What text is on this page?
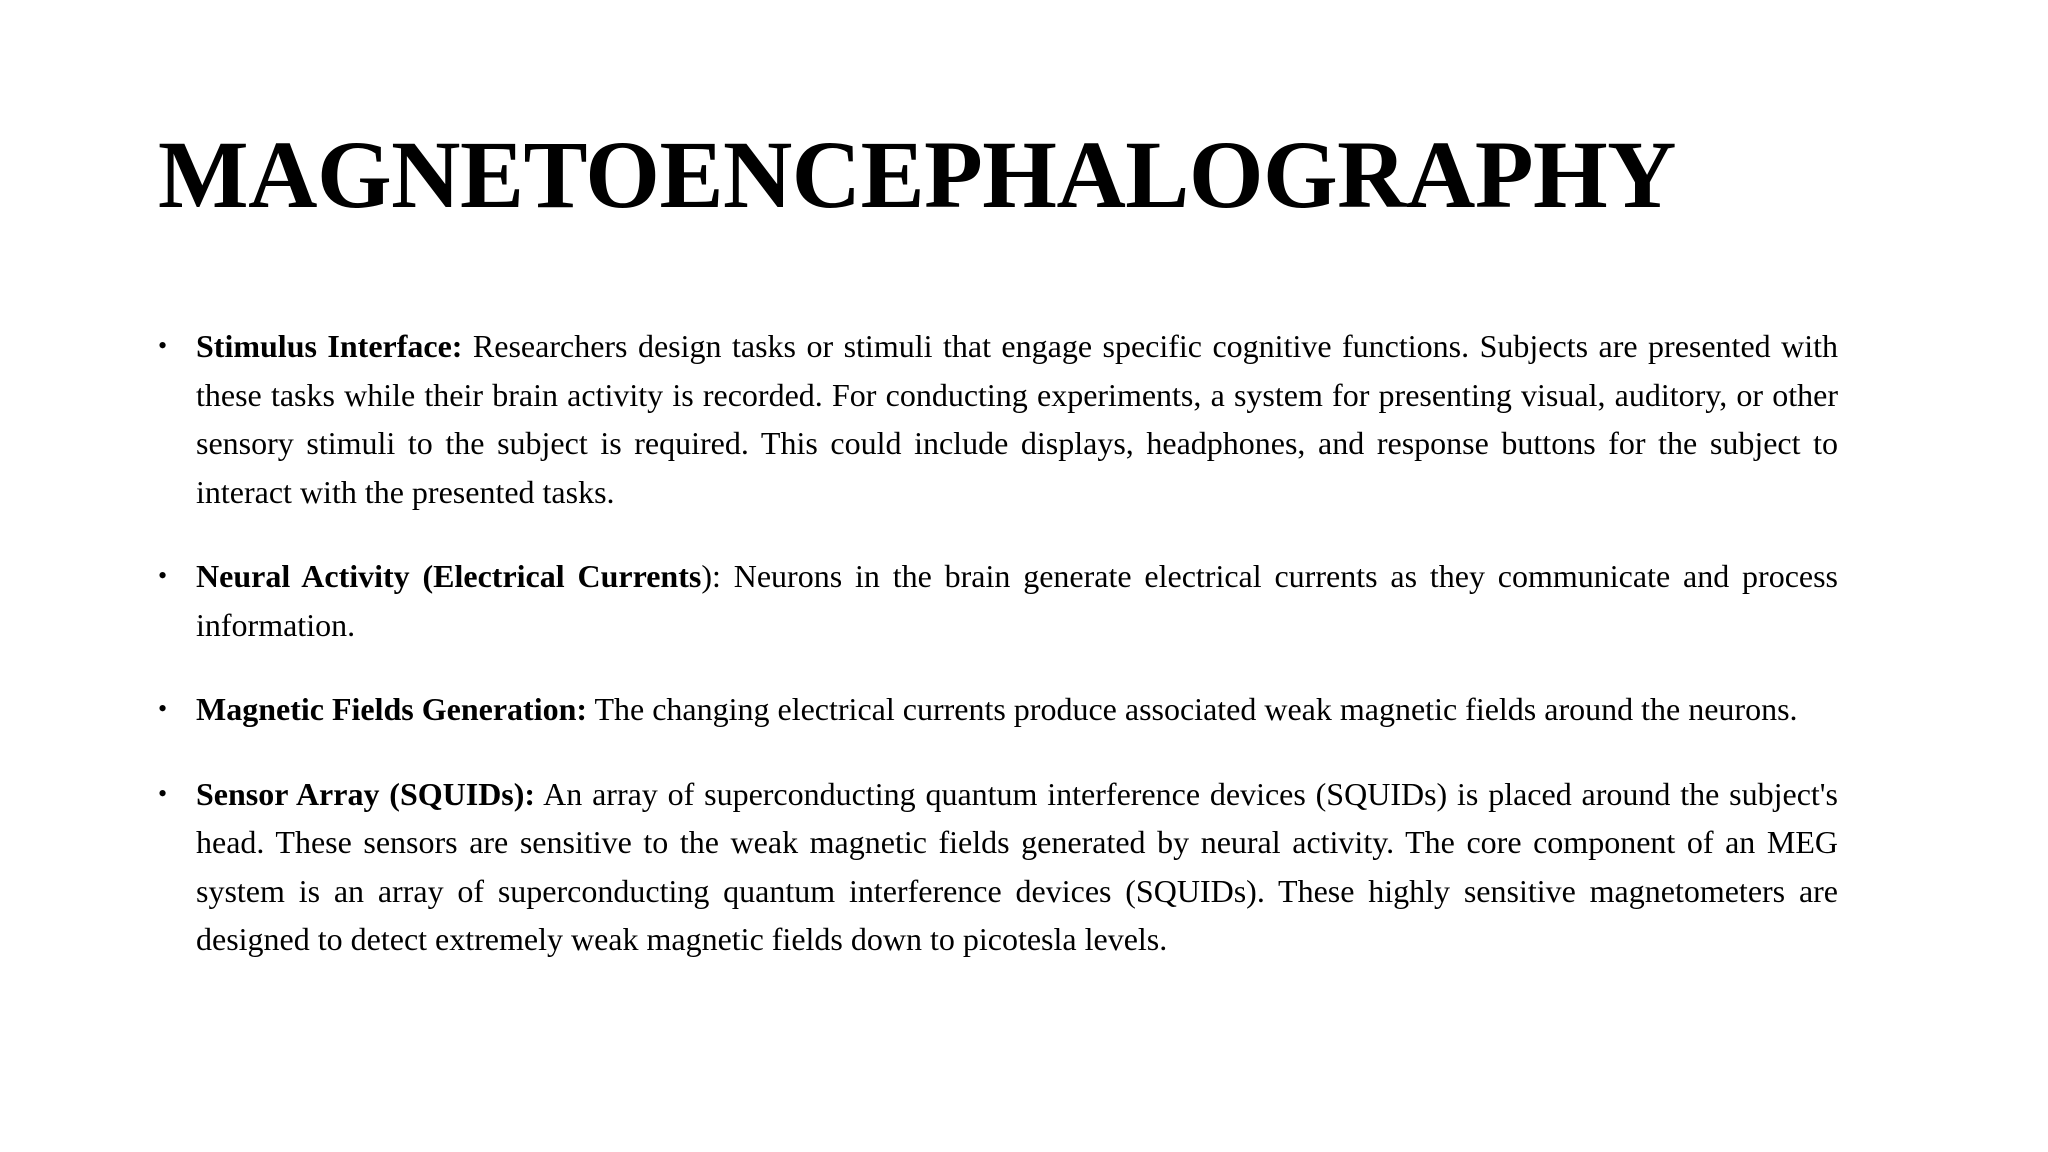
MAGNETOENCEPHALOGRAPHY
• Stimulus Interface: Researchers design tasks or stimuli that engage specific cognitive functions. Subjects are presented with these tasks while their brain activity is recorded. For conducting experiments, a system for presenting visual, auditory, or other sensory stimuli to the subject is required. This could include displays, headphones, and response buttons for the subject to interact with the presented tasks.
• Neural Activity (Electrical Currents): Neurons in the brain generate electrical currents as they communicate and process information.
• Magnetic Fields Generation: The changing electrical currents produce associated weak magnetic fields around the neurons.
• Sensor Array (SQUIDs): An array of superconducting quantum interference devices (SQUIDs) is placed around the subject's head. These sensors are sensitive to the weak magnetic fields generated by neural activity. The core component of an MEG system is an array of superconducting quantum interference devices (SQUIDs). These highly sensitive magnetometers are designed to detect extremely weak magnetic fields down to picotesla levels.
